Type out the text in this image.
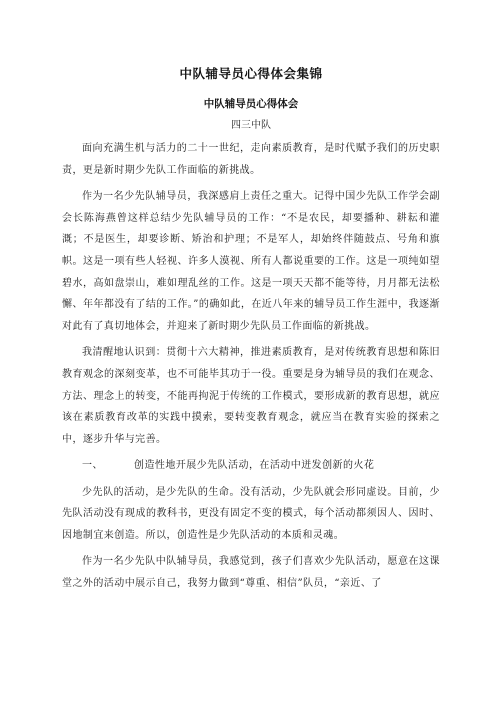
中队辅导员心得体会集锦
中队辅导员心得体会

四三中队

面向充满生机与活力的二十一世纪，走向素质教育，是时代赋予我们的历史职责，更是新时期少先队工作面临的新挑战。

作为一名少先队辅导员，我深感肩上责任之重大。记得中国少先队工作学会副会长陈海燕曾这样总结少先队辅导员的工作：“不是农民，却要播种、耕耘和灌溉；不是医生，却要诊断、矫治和护理；不是军人，却始终伴随鼓点、号角和旗帜。这是一项有些人轻视、许多人漠视、所有人都说重要的工作。这是一项纯如望碧水，高如盘崇山，难如理乱丝的工作。这是一项天天都不能等待，月月都无法松懈、年年都没有了结的工作。”的确如此，在近八年来的辅导员工作生涯中，我逐渐对此有了真切地体会，并迎来了新时期少先队员工作面临的新挑战。

我清醒地认识到：贯彻十六大精神，推进素质教育，是对传统教育思想和陈旧教育观念的深刻变革，也不可能毕其功于一役。重要是身为辅导员的我们在观念、方法、理念上的转变，不能再拘泥于传统的工作模式，要形成新的教育思想，就应该在素质教育改革的实践中摸索，要转变教育观念，就应当在教育实验的探索之中，逐步升华与完善。

一、	创造性地开展少先队活动，在活动中迸发创新的火花

少先队的活动，是少先队的生命。没有活动，少先队就会形同虚设。目前，少先队活动没有现成的教科书，更没有固定不变的模式，每个活动都须因人、因时、因地制宜来创造。所以，创造性是少先队活动的本质和灵魂。

作为一名少先队中队辅导员，我感觉到，孩子们喜欢少先队活动，愿意在这课堂之外的活动中展示自己，我努力做到“尊重、相信”队员，“亲近、了
